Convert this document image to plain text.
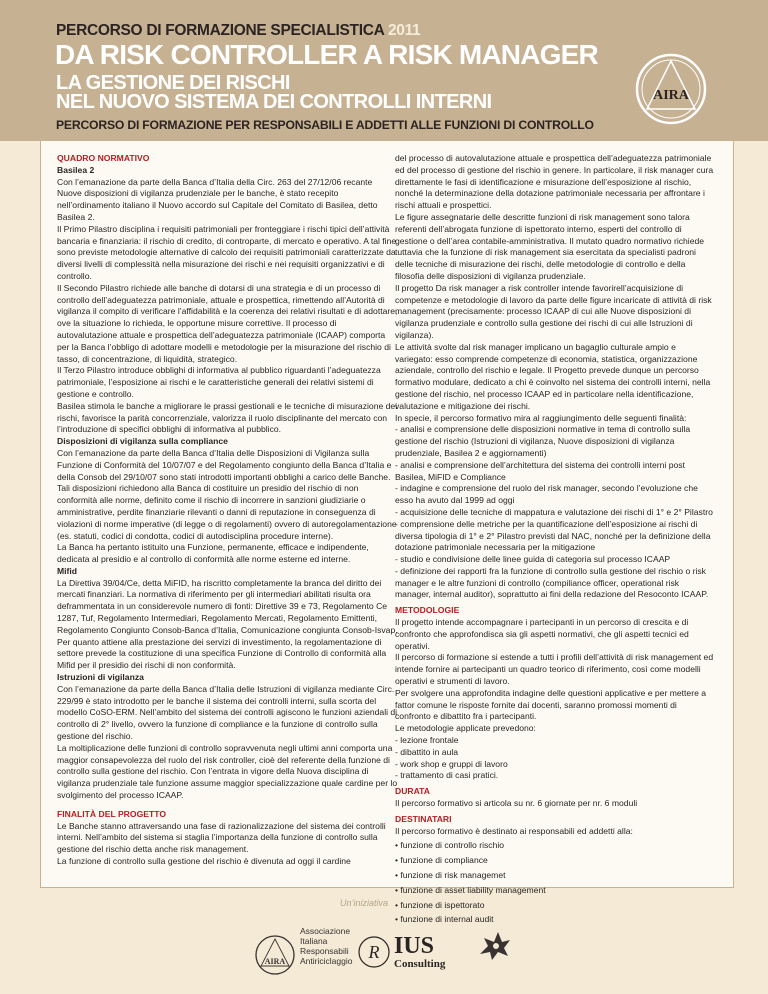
PERCORSO DI FORMAZIONE SPECIALISTICA 2011
DA RISK CONTROLLER A RISK MANAGER
LA GESTIONE DEI RISCHI
NEL NUOVO SISTEMA DEI CONTROLLI INTERNI
PERCORSO DI FORMAZIONE PER RESPONSABILI E ADDETTI ALLE FUNZIONI DI CONTROLLO
AIRA
QUADRO NORMATIVO
Basilea 2

Con l’emanazione da parte della Banca d’Italia della Circ. 263 del 27/12/06 recante Nuove disposizioni di vigilanza prudenziale per le banche, è stato recepito nell’ordinamento italiano il Nuovo accordo sul Capitale del Comitato di Basilea, detto Basilea 2.

Il Primo Pilastro disciplina i requisiti patrimoniali per fronteggiare i rischi tipici dell’attività bancaria e finanziaria: il rischio di credito, di controparte, di mercato e operativo. A tal fine sono previste metodologie alternative di calcolo dei requisiti patrimoniali caratterizzate da diversi livelli di complessità nella misurazione dei rischi e nei requisiti organizzativi e di controllo.

Il Secondo Pilastro richiede alle banche di dotarsi di una strategia e di un processo di controllo dell’adeguatezza patrimoniale, attuale e prospettica, rimettendo all’Autorità di vigilanza il compito di verificare l’affidabilità e la coerenza dei relativi risultati e di adottare, ove la situazione lo richieda, le opportune misure correttive. Il processo di autovalutazione attuale e prospettica dell’adeguatezza patrimoniale (ICAAP) comporta per la Banca l’obbligo di adottare modelli e metodologie per la misurazione del rischio di tasso, di concentrazione, di liquidità, strategico.

Il Terzo Pilastro introduce obblighi di informativa al pubblico riguardanti l’adeguatezza patrimoniale, l’esposizione ai rischi e le caratteristiche generali dei relativi sistemi di gestione e controllo.

Basilea stimola le banche a migliorare le prassi gestionali e le tecniche di misurazione dei rischi, favorisce la parità concorrenziale, valorizza il ruolo disciplinante del mercato con l’introduzione di specifici obblighi di informativa al pubblico.

Disposizioni di vigilanza sulla compliance

Con l’emanazione da parte della Banca d’Italia delle Disposizioni di Vigilanza sulla Funzione di Conformità del 10/07/07 e del Regolamento congiunto della Banca d’Italia e della Consob del 29/10/07 sono stati introdotti importanti obblighi a carico delle Banche.

Tali disposizioni richiedono alla Banca di costituire un presidio del rischio di non conformità alle norme, definito come il rischio di incorrere in sanzioni giudiziarie o amministrative, perdite finanziarie rilevanti o danni di reputazione in conseguenza di violazioni di norme imperative (di legge o di regolamenti) ovvero di autoregolamentazione (es. statuti, codici di condotta, codici di autodisciplina procedure interne).

La Banca ha pertanto istituito una Funzione, permanente, efficace e indipendente, dedicata al presidio e al controllo di conformità alle norme esterne ed interne.

Mifid

La Direttiva 39/04/Ce, detta MiFID, ha riscritto completamente la branca del diritto dei mercati finanziari. La normativa di riferimento per gli intermediari abilitati risulta ora deframmentata in un considerevole numero di fonti: Direttive 39 e 73, Regolamento Ce 1287, Tuf, Regolamento Intermediari, Regolamento Mercati, Regolamento Emittenti, Regolamento Congiunto Consob-Banca d’Italia, Comunicazione congiunta Consob-Isvap.

Per quanto attiene alla prestazione dei servizi di investimento, la regolamentazione di settore prevede la costituzione di una specifica Funzione di Controllo di conformità alla Mifid per il presidio dei rischi di non conformità.

Istruzioni di vigilanza

Con l’emanazione da parte della Banca d’Italia delle Istruzioni di vigilanza mediante Circ. 229/99 è stato introdotto per le banche il sistema dei controlli interni, sulla scorta del modello CoSO-ERM. Nell’ambito del sistema dei controlli agiscono le funzioni aziendali di controllo di 2° livello, ovvero la funzione di compliance e la funzione di controllo sulla gestione del rischio.

La moltiplicazione delle funzioni di controllo sopravvenuta negli ultimi anni comporta una maggior consapevolezza del ruolo del risk controller, cioè del referente della funzione di controllo sulla gestione del rischio. Con l’entrata in vigore della Nuova disciplina di vigilanza prudenziale tale funzione assume maggior specializzazione quale cardine per lo svolgimento del processo ICAAP.

FINALITÀ DEL PROGETTO

Le Banche stanno attraversando una fase di razionalizzazione del sistema dei controlli interni. Nell’ambito del sistema si staglia l’importanza della funzione di controllo sulla gestione del rischio detta anche risk management.

La funzione di controllo sulla gestione del rischio è divenuta ad oggi il cardine

del processo di autovalutazione attuale e prospettica dell’adeguatezza patrimoniale ed del processo di gestione del rischio in genere. In particolare, il risk manager cura direttamente le fasi di identificazione e misurazione dell’esposizione al rischio, nonché la determinazione della dotazione patrimoniale necessaria per affrontare i rischi attuali e prospettici.

Le figure assegnatarie delle descritte funzioni di risk management sono talora referenti dell’abrogata funzione di ispettorato interno, esperti del controllo di gestione o dell’area contabile-amministrativa. Il mutato quadro normativo richiede tuttavia che la funzione di risk management sia esercitata da specialisti padroni delle tecniche di misurazione dei rischi, delle metodologie di controllo e della filosofia delle disposizioni di vigilanza prudenziale.

Il progetto Da risk manager a risk controller intende favorirell’acquisizione di competenze e metodologie di lavoro da parte delle figure incaricate di attività di risk management (precisamente: processo ICAAP di cui alle Nuove disposizioni di vigilanza prudenziale e controllo sulla gestione dei rischi di cui alle Istruzioni di vigilanza).

Le attività svolte dal risk manager implicano un bagaglio culturale ampio e variegato: esso comprende competenze di economia, statistica, organizzazione aziendale, controllo del rischio e legale. Il Progetto prevede dunque un percorso formativo modulare, dedicato a chi è coinvolto nel sistema dei controlli interni, nella gestione del rischio, nel processo ICAAP ed in particolare nella identificazione, valutazione e mitigazione dei rischi.

In specie, il percorso formativo mira al raggiungimento delle seguenti finalità:

- analisi e comprensione delle disposizioni normative in tema di controllo sulla gestione del rischio (Istruzioni di vigilanza, Nuove disposizioni di vigilanza prudenziale, Basilea 2 e aggiornamenti)

- analisi e comprensione dell’architettura del sistema dei controlli interni post Basilea, MiFID e Compliance

- indagine e comprensione del ruolo del risk manager, secondo l’evoluzione che esso ha avuto dal 1999 ad oggi

- acquisizione delle tecniche di mappatura e valutazione dei rischi di 1° e 2° Pilastro

- comprensione delle metriche per la quantificazione dell’esposizione ai rischi di diversa tipologia di 1° e 2° Pilastro previsti dal NAC, nonché per la definizione della dotazione patrimoniale necessaria per la mitigazione

- studio e condivisione delle linee guida di categoria sul processo ICAAP

- definizione dei rapporti fra la funzione di controllo sulla gestione del rischio o risk manager e le altre funzioni di controllo (compiliance officer, operational risk manager, internal auditor), soprattutto ai fini della redazione del Resoconto ICAAP.

METODOLOGIE

Il progetto intende accompagnare i partecipanti in un percorso di crescita e di confronto che approfondisca sia gli aspetti normativi, che gli aspetti tecnici ed operativi.

Il percorso di formazione si estende a tutti i profili dell’attività di risk management ed intende fornire ai partecipanti un quadro teorico di riferimento, così come modelli operativi e strumenti di lavoro.

Per svolgere una approfondita indagine delle questioni applicative e per mettere a fattor comune le risposte fornite dai docenti, saranno promossi momenti di confronto e dibattito fra i partecipanti.

Le metodologie applicate prevedono:

- lezione frontale

- dibattito in aula

- work shop e gruppi di lavoro

- trattamento di casi pratici.

DURATA

Il percorso formativo si articola su nr. 6 giornate per nr. 6 moduli

DESTINATARI

Il percorso formativo è destinato ai responsabili ed addetti alla:

• funzione di controllo rischio

• funzione di compliance

• funzione di risk managemet

• funzione di asset liability management

• funzione di ispettorato

• funzione di internal audit

Un’iniziativa
AIRA
Associazione
Italiana
Responsabili
Antiriciclaggio R IUS
Consulting
